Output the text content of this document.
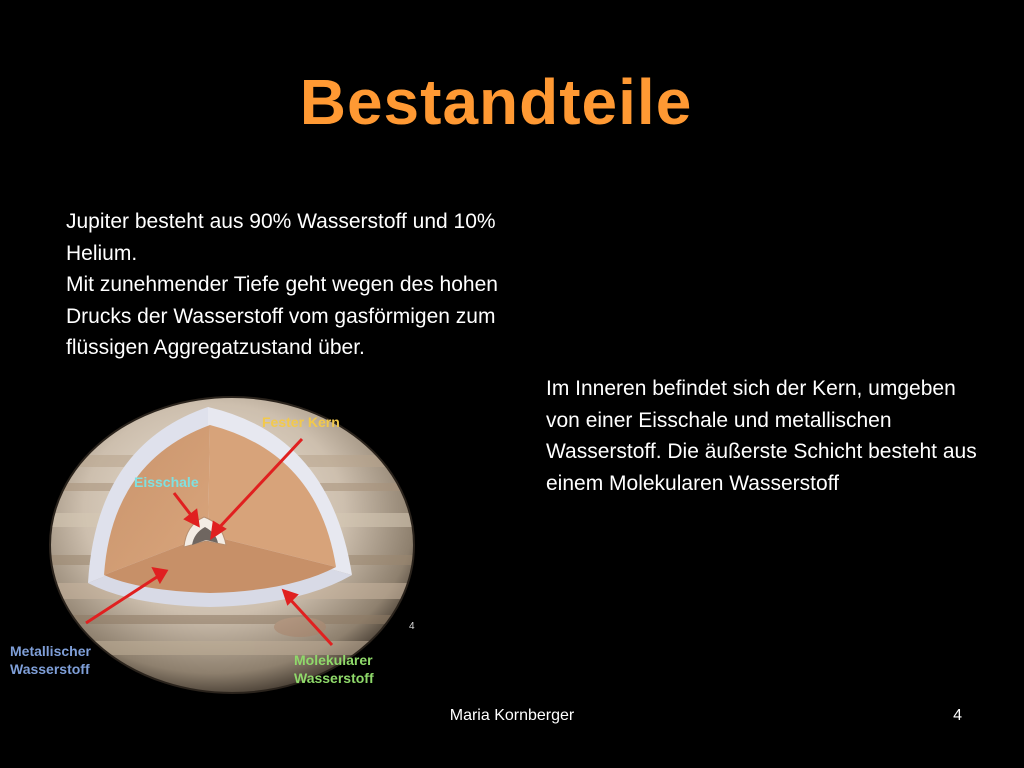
Bestandteile

Jupiter besteht aus 90% Wasserstoff und 10% Helium.

Mit zunehmender Tiefe geht wegen des hohen Drucks der Wasserstoff vom gasförmigen zum flüssigen Aggregatzustand über.

Im Inneren befindet sich der Kern, umgeben von einer Eisschale und metallischen Wasserstoff. Die äußerste Schicht besteht aus einem Molekularen Wasserstoff
Fester Kern
Eisschale
Metallischer
Wasserstoff
Molekularer
Wasserstoff
4
Maria Kornberger	4
